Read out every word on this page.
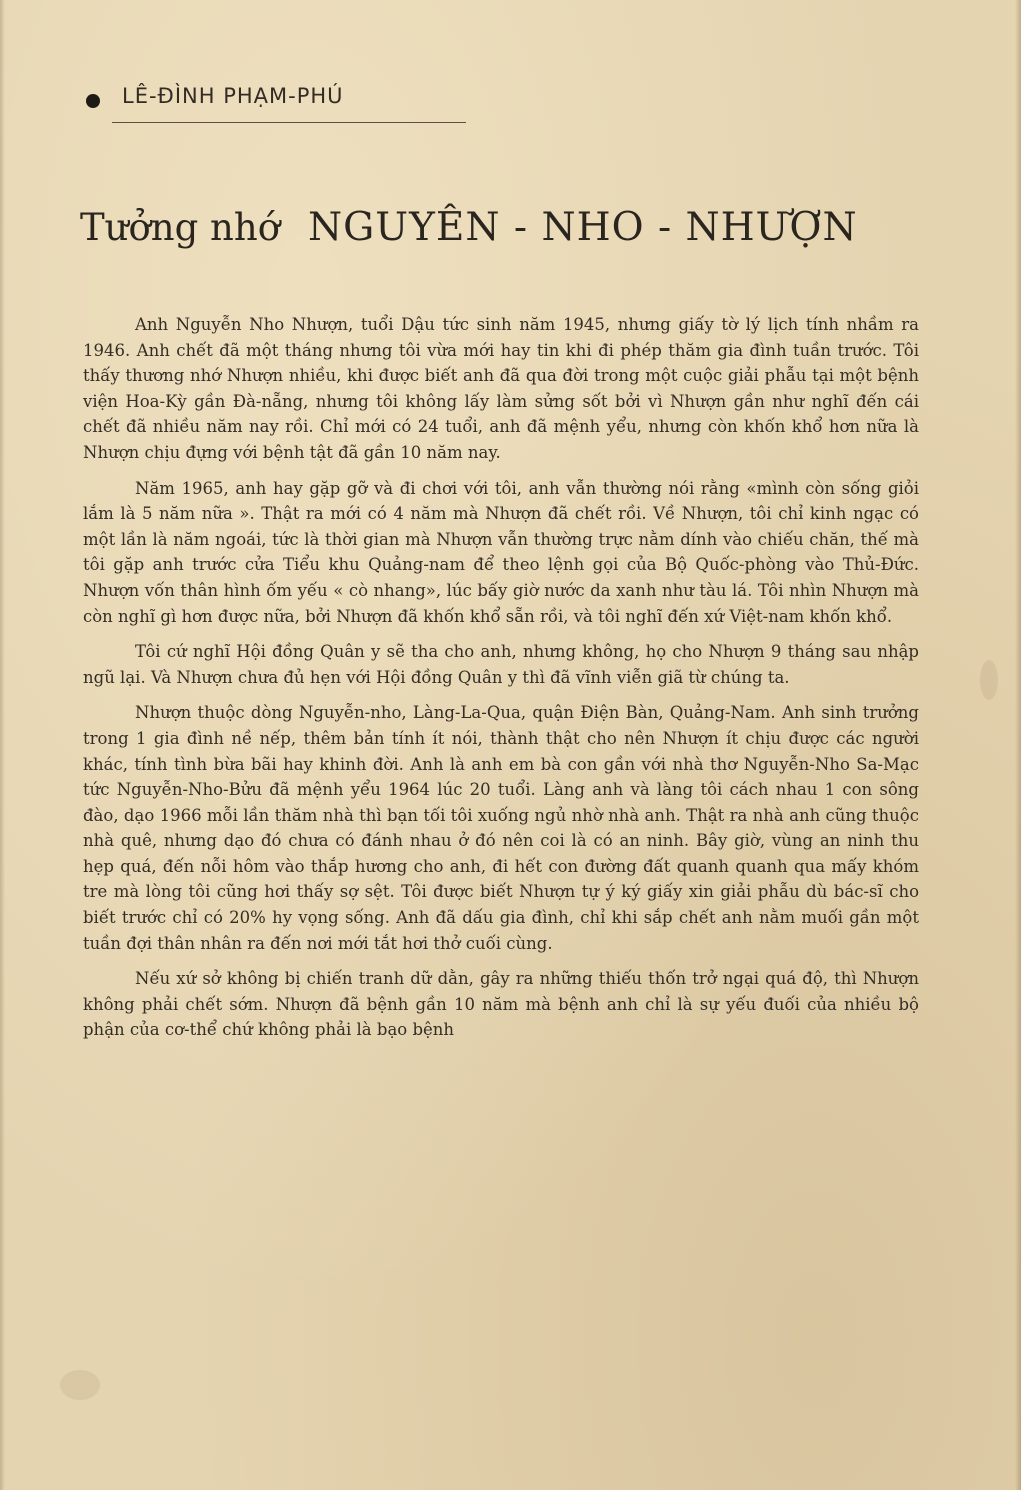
LÊ-ĐÌNH PHẠM-PHÚ
Tưởng nhớ NGUYÊN - NHO - NHƯỢN

Anh Nguyễn Nho Nhượn, tuổi Dậu tức sinh năm 1945, nhưng giấy tờ lý lịch tính nhầm ra 1946. Anh chết đã một tháng nhưng tôi vừa mới hay tin khi đi phép thăm gia đình tuần trước. Tôi thấy thương nhớ Nhượn nhiều, khi được biết anh đã qua đời trong một cuộc giải phẫu tại một bệnh viện Hoa-Kỳ gần Đà-nẵng, nhưng tôi không lấy làm sửng sốt bởi vì Nhượn gần như nghĩ đến cái chết đã nhiều năm nay rồi. Chỉ mới có 24 tuổi, anh đã mệnh yểu, nhưng còn khốn khổ hơn nữa là Nhượn chịu đựng với bệnh tật đã gần 10 năm nay.

Năm 1965, anh hay gặp gỡ và đi chơi với tôi, anh vẫn thường nói rằng «mình còn sống giỏi lắm là 5 năm nữa ». Thật ra mới có 4 năm mà Nhượn đã chết rồi. Về Nhượn, tôi chỉ kinh ngạc có một lần là năm ngoái, tức là thời gian mà Nhượn vẫn thường trực nằm dính vào chiếu chăn, thế mà tôi gặp anh trước cửa Tiểu khu Quảng-nam để theo lệnh gọi của Bộ Quốc-phòng vào Thủ-Đức. Nhượn vốn thân hình ốm yếu « cò nhang», lúc bấy giờ nước da xanh như tàu lá. Tôi nhìn Nhượn mà còn nghĩ gì hơn được nữa, bởi Nhượn đã khốn khổ sẵn rồi, và tôi nghĩ đến xứ Việt-nam khốn khổ.

Tôi cứ nghĩ Hội đồng Quân y sẽ tha cho anh, nhưng không, họ cho Nhượn 9 tháng sau nhập ngũ lại. Và Nhượn chưa đủ hẹn với Hội đồng Quân y thì đã vĩnh viễn giã từ chúng ta.

Nhượn thuộc dòng Nguyễn-nho, Làng-La-Qua, quận Điện Bàn, Quảng-Nam. Anh sinh trưởng trong 1 gia đình nề nếp, thêm bản tính ít nói, thành thật cho nên Nhượn ít chịu được các người khác, tính tình bừa bãi hay khinh đời. Anh là anh em bà con gần với nhà thơ Nguyễn-Nho Sa-Mạc tức Nguyễn-Nho-Bửu đã mệnh yểu 1964 lúc 20 tuổi. Làng anh và làng tôi cách nhau 1 con sông đào, dạo 1966 mỗi lần thăm nhà thì bạn tối tôi xuống ngủ nhờ nhà anh. Thật ra nhà anh cũng thuộc nhà quê, nhưng dạo đó chưa có đánh nhau ở đó nên coi là có an ninh. Bây giờ, vùng an ninh thu hẹp quá, đến nỗi hôm vào thắp hương cho anh, đi hết con đường đất quanh quanh qua mấy khóm tre mà lòng tôi cũng hơi thấy sợ sệt. Tôi được biết Nhượn tự ý ký giấy xin giải phẫu dù bác-sĩ cho biết trước chỉ có 20% hy vọng sống. Anh đã dấu gia đình, chỉ khi sắp chết anh nằm muối gần một tuần đợi thân nhân ra đến nơi mới tắt hơi thở cuối cùng.

Nếu xứ sở không bị chiến tranh dữ dằn, gây ra những thiếu thốn trở ngại quá độ, thì Nhượn không phải chết sớm. Nhượn đã bệnh gần 10 năm mà bệnh anh chỉ là sự yếu đuối của nhiều bộ phận của cơ-thể chứ không phải là bạo bệnh
